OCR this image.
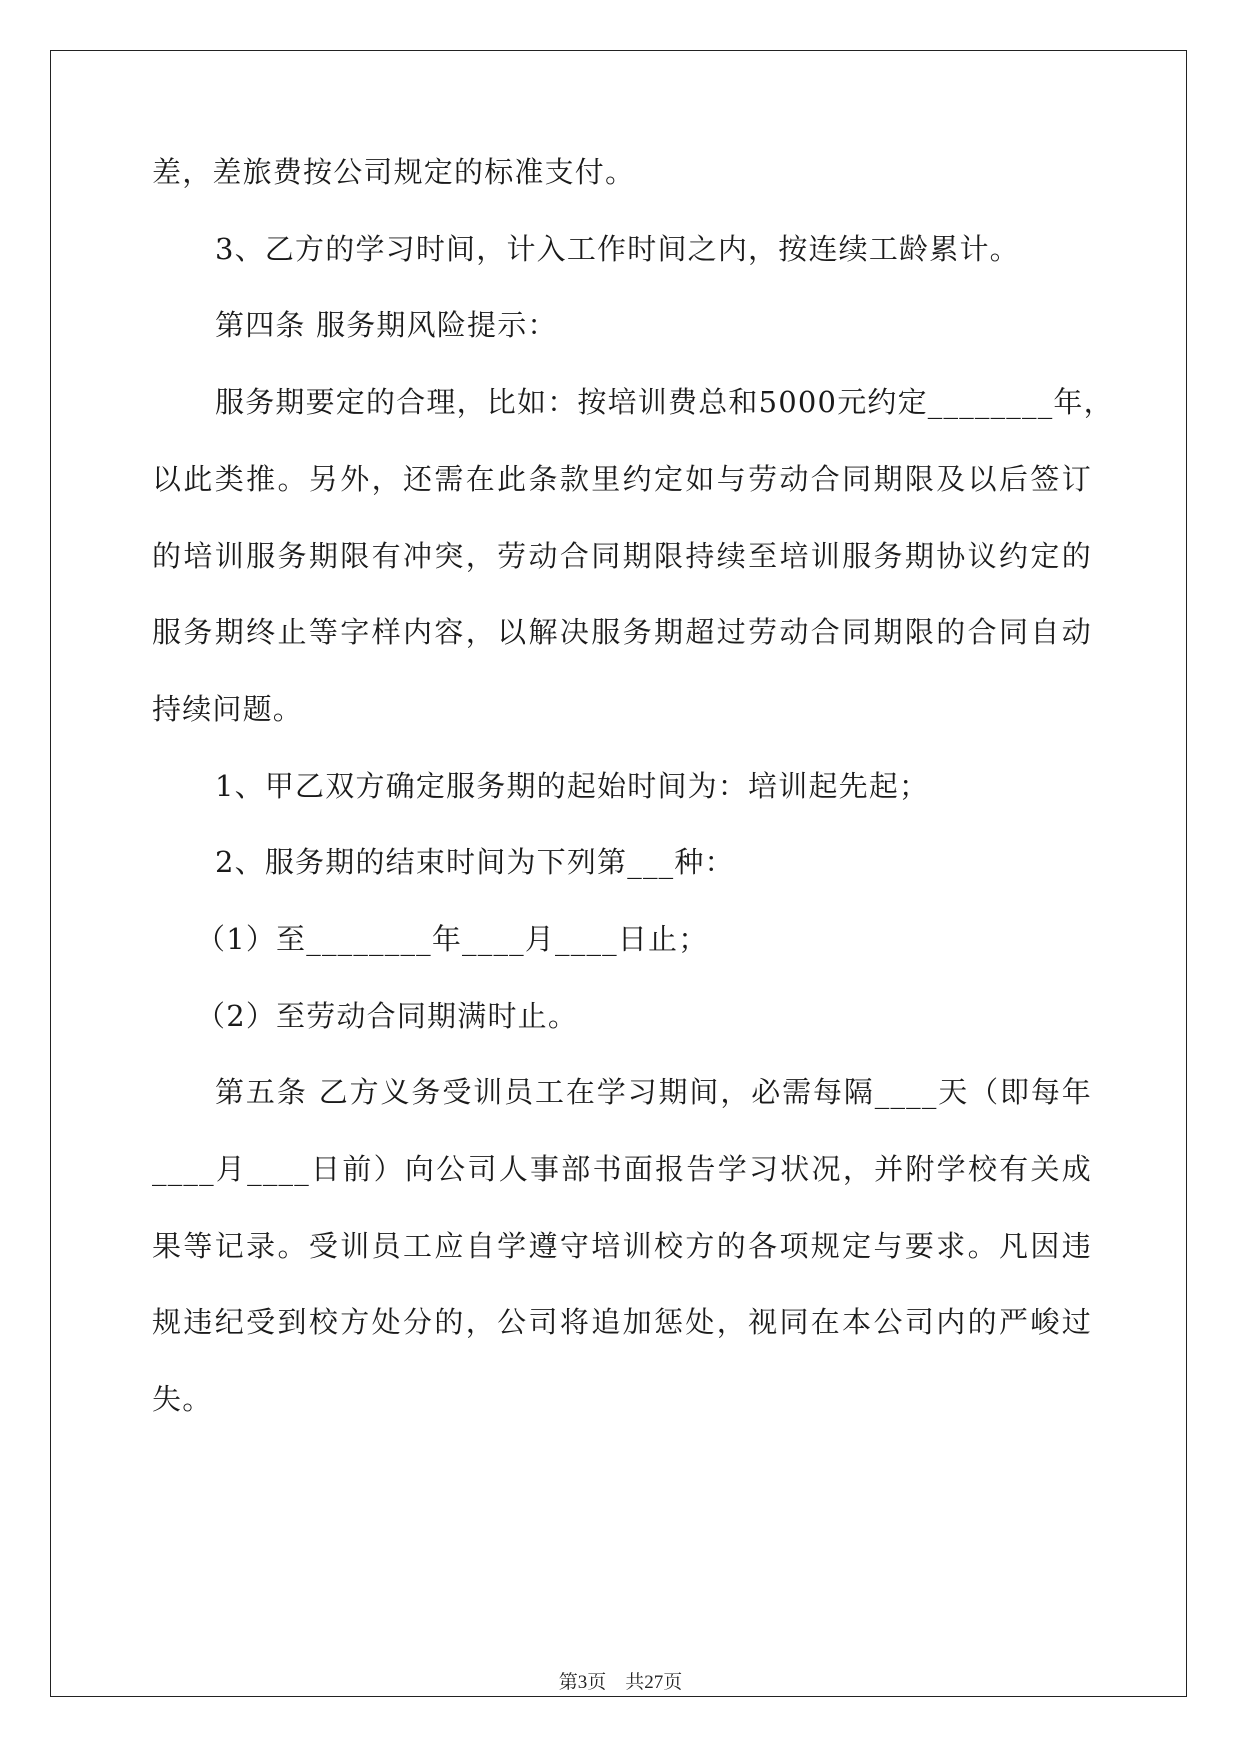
差，差旅费按公司规定的标准支付。

3、乙方的学习时间，计入工作时间之内，按连续工龄累计。

第四条 服务期风险提示：

服务期要定的合理，比如：按培训费总和5000元约定________年，

以此类推。另外，还需在此条款里约定如与劳动合同期限及以后签订

的培训服务期限有冲突，劳动合同期限持续至培训服务期协议约定的

服务期终止等字样内容，以解决服务期超过劳动合同期限的合同自动

持续问题。

1、甲乙双方确定服务期的起始时间为：培训起先起；

2、服务期的结束时间为下列第___种：

（1）至________年____月____日止；

（2）至劳动合同期满时止。

第五条 乙方义务受训员工在学习期间，必需每隔____天（即每年

____月____日前）向公司人事部书面报告学习状况，并附学校有关成

果等记录。受训员工应自学遵守培训校方的各项规定与要求。凡因违

规违纪受到校方处分的，公司将追加惩处，视同在本公司内的严峻过

失。

第3页　共27页
